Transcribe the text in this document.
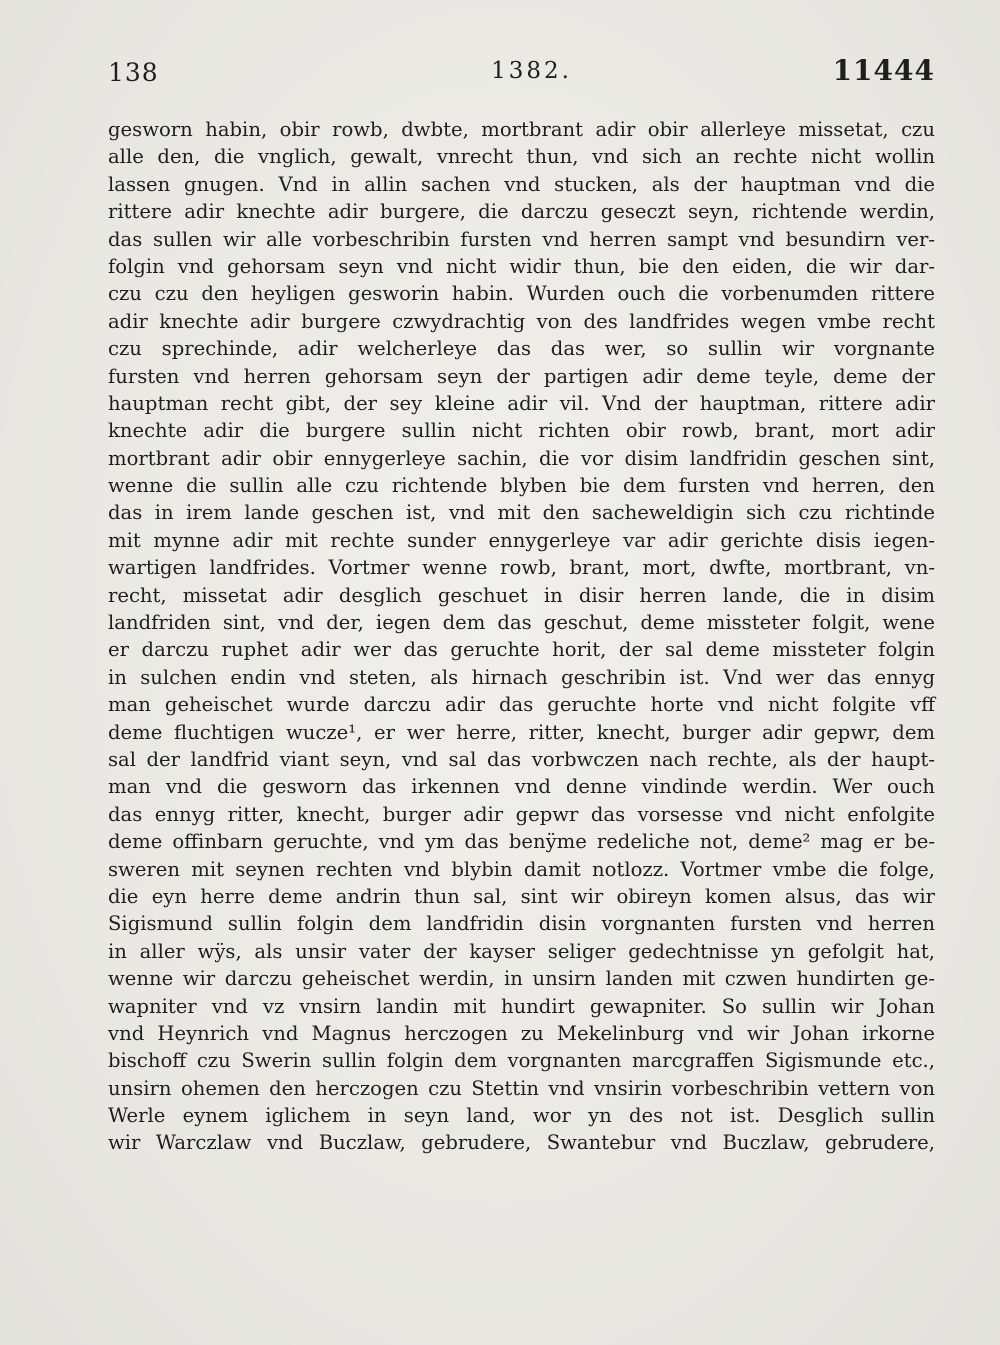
138	1382.	11444
gesworn habin, obir rowb, dwbte, mortbrant adir obir allerleye missetat, czu
alle den, die vnglich, gewalt, vnrecht thun, vnd sich an rechte nicht wollin
lassen gnugen. Vnd in allin sachen vnd stucken, als der hauptman vnd die
rittere adir knechte adir burgere, die darczu geseczt seyn, richtende werdin,
das sullen wir alle vorbeschribin fursten vnd herren sampt vnd besundirn ver-
folgin vnd gehorsam seyn vnd nicht widir thun, bie den eiden, die wir dar-
czu czu den heyligen gesworin habin. Wurden ouch die vorbenumden rittere
adir knechte adir burgere czwydrachtig von des landfrides wegen vmbe recht
czu sprechinde, adir welcherleye das das wer, so sullin wir vorgnante
fursten vnd herren gehorsam seyn der partigen adir deme teyle, deme der
hauptman recht gibt, der sey kleine adir vil. Vnd der hauptman, rittere adir
knechte adir die burgere sullin nicht richten obir rowb, brant, mort adir
mortbrant adir obir ennygerleye sachin, die vor disim landfridin geschen sint,
wenne die sullin alle czu richtende blyben bie dem fursten vnd herren, den
das in irem lande geschen ist, vnd mit den sacheweldigin sich czu richtinde
mit mynne adir mit rechte sunder ennygerleye var adir gerichte disis iegen-
wartigen landfrides. Vortmer wenne rowb, brant, mort, dwfte, mortbrant, vn-
recht, missetat adir desglich geschuet in disir herren lande, die in disim
landfriden sint, vnd der, iegen dem das geschut, deme missteter folgit, wene
er darczu ruphet adir wer das geruchte horit, der sal deme missteter folgin
in sulchen endin vnd steten, als hirnach geschribin ist. Vnd wer das ennyg
man geheischet wurde darczu adir das geruchte horte vnd nicht folgite vff
deme fluchtigen wucze¹, er wer herre, ritter, knecht, burger adir gepwr, dem
sal der landfrid viant seyn, vnd sal das vorbwczen nach rechte, als der haupt-
man vnd die gesworn das irkennen vnd denne vindinde werdin. Wer ouch
das ennyg ritter, knecht, burger adir gepwr das vorsesse vnd nicht enfolgite
deme offinbarn geruchte, vnd ym das benÿme redeliche not, deme² mag er be-
sweren mit seynen rechten vnd blybin damit notlozz. Vortmer vmbe die folge,
die eyn herre deme andrin thun sal, sint wir obireyn komen alsus, das wir
Sigismund sullin folgin dem landfridin disin vorgnanten fursten vnd herren
in aller wÿs, als unsir vater der kayser seliger gedechtnisse yn gefolgit hat,
wenne wir darczu geheischet werdin, in unsirn landen mit czwen hundirten ge-
wapniter vnd vz vnsirn landin mit hundirt gewapniter. So sullin wir Johan
vnd Heynrich vnd Magnus herczogen zu Mekelinburg vnd wir Johan irkorne
bischoff czu Swerin sullin folgin dem vorgnanten marcgraffen Sigismunde etc.,
unsirn ohemen den herczogen czu Stettin vnd vnsirin vorbeschribin vettern von
Werle eynem iglichem in seyn land, wor yn des not ist. Desglich sullin
wir Warczlaw vnd Buczlaw, gebrudere, Swantebur vnd Buczlaw, gebrudere,
